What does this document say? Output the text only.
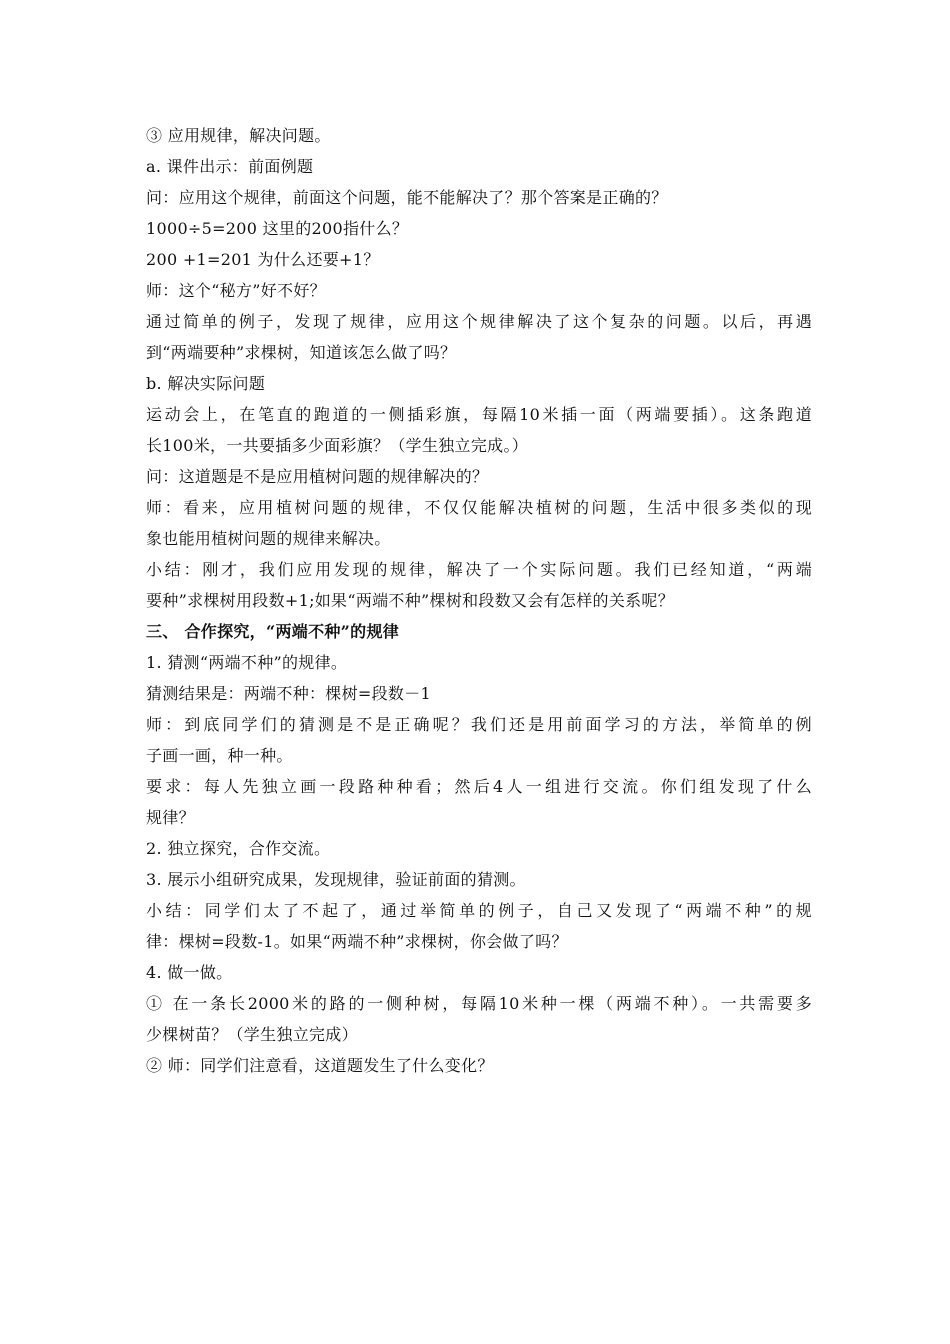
③ 应用规律，解决问题。
a. 课件出示：前面例题
问：应用这个规律，前面这个问题，能不能解决了？那个答案是正确的？
1000÷5=200 这里的200指什么？
200 +1=201 为什么还要+1？
师：这个“秘方”好不好？
通过简单的例子，发现了规律，应用这个规律解决了这个复杂的问题。以后，再遇
到“两端要种”求棵树，知道该怎么做了吗？
b. 解决实际问题
运动会上，在笔直的跑道的一侧插彩旗，每隔10米插一面（两端要插）。这条跑道
长100米，一共要插多少面彩旗？（学生独立完成。）
问：这道题是不是应用植树问题的规律解决的？
师：看来，应用植树问题的规律，不仅仅能解决植树的问题，生活中很多类似的现
象也能用植树问题的规律来解决。
小结：刚才，我们应用发现的规律，解决了一个实际问题。我们已经知道，“两端
要种”求棵树用段数+1;如果“两端不种”棵树和段数又会有怎样的关系呢？
三、 合作探究，“两端不种”的规律
1. 猜测“两端不种”的规律。
猜测结果是：两端不种：棵树=段数－1
师：到底同学们的猜测是不是正确呢？我们还是用前面学习的方法，举简单的例
子画一画，种一种。
要求：每人先独立画一段路种种看；然后4人一组进行交流。你们组发现了什么
规律？
2. 独立探究，合作交流。
3. 展示小组研究成果，发现规律，验证前面的猜测。
小结：同学们太了不起了，通过举简单的例子，自己又发现了“两端不种”的规
律：棵树=段数-1。如果“两端不种”求棵树，你会做了吗？
4. 做一做。
① 在一条长2000米的路的一侧种树，每隔10米种一棵（两端不种）。一共需要多
少棵树苗？（学生独立完成）
② 师：同学们注意看，这道题发生了什么变化？
